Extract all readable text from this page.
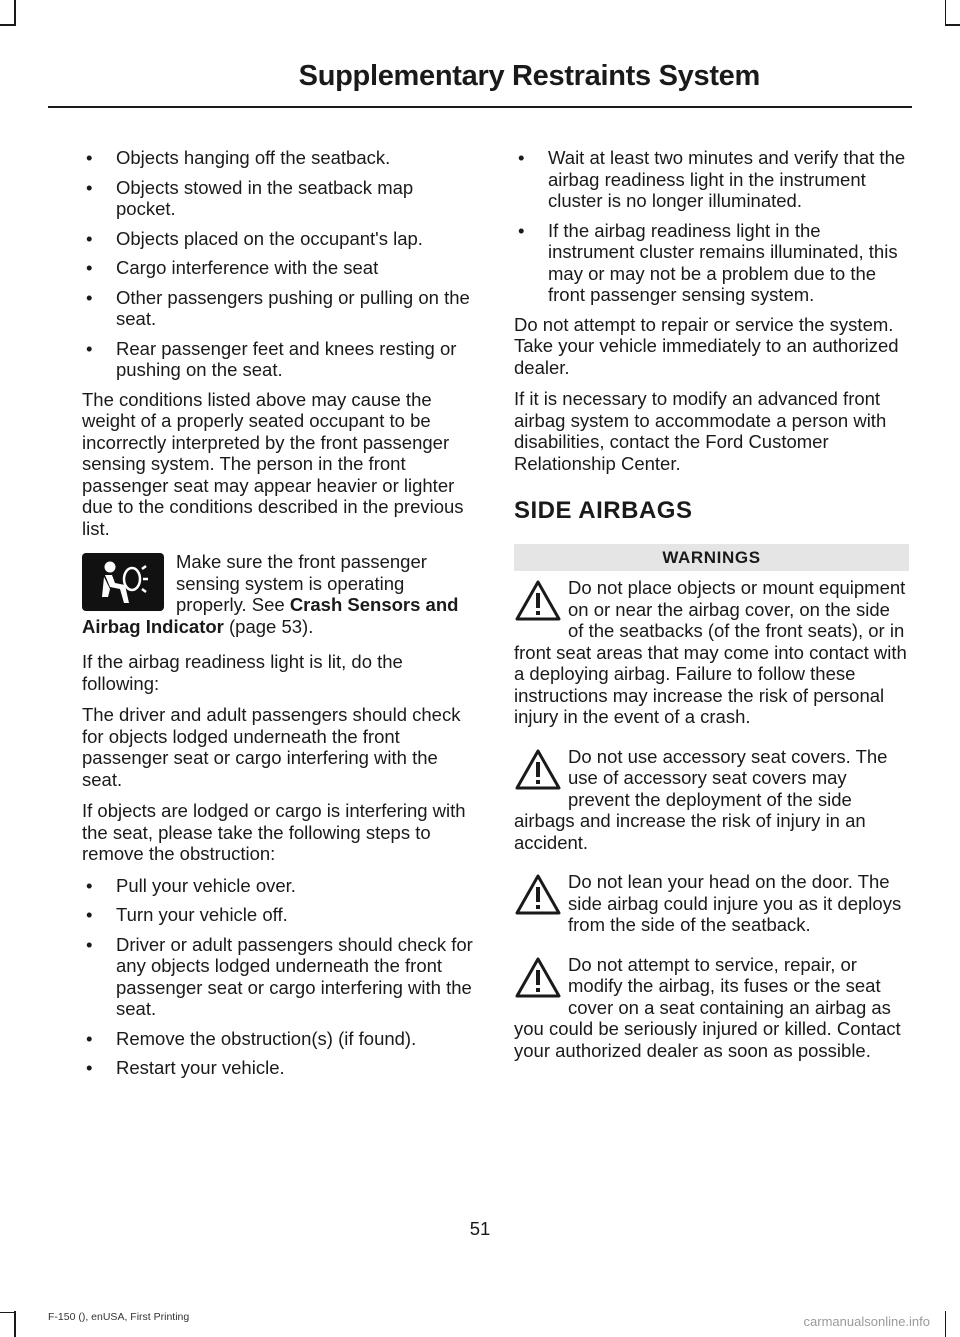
Supplementary Restraints System
• Objects hanging off the seatback.
• Objects stowed in the seatback map pocket.
• Objects placed on the occupant's lap.
• Cargo interference with the seat
• Other passengers pushing or pulling on the seat.
• Rear passenger feet and knees resting or pushing on the seat.

The conditions listed above may cause the weight of a properly seated occupant to be incorrectly interpreted by the front passenger sensing system. The person in the front passenger seat may appear heavier or lighter due to the conditions described in the previous list.

Make sure the front passenger sensing system is operating properly. See Crash Sensors and Airbag Indicator (page 53).

If the airbag readiness light is lit, do the following:

The driver and adult passengers should check for objects lodged underneath the front passenger seat or cargo interfering with the seat.

If objects are lodged or cargo is interfering with the seat, please take the following steps to remove the obstruction:

• Pull your vehicle over.
• Turn your vehicle off.
• Driver or adult passengers should check for any objects lodged underneath the front passenger seat or cargo interfering with the seat.
• Remove the obstruction(s) (if found).
• Restart your vehicle.
• Wait at least two minutes and verify that the airbag readiness light in the instrument cluster is no longer illuminated.
• If the airbag readiness light in the instrument cluster remains illuminated, this may or may not be a problem due to the front passenger sensing system.

Do not attempt to repair or service the system. Take your vehicle immediately to an authorized dealer.

If it is necessary to modify an advanced front airbag system to accommodate a person with disabilities, contact the Ford Customer Relationship Center.

SIDE AIRBAGS
WARNINGS
Do not place objects or mount equipment on or near the airbag cover, on the side of the seatbacks (of the front seats), or in front seat areas that may come into contact with a deploying airbag. Failure to follow these instructions may increase the risk of personal injury in the event of a crash.
Do not use accessory seat covers. The use of accessory seat covers may prevent the deployment of the side airbags and increase the risk of injury in an accident.
Do not lean your head on the door. The side airbag could injure you as it deploys from the side of the seatback.
Do not attempt to service, repair, or modify the airbag, its fuses or the seat cover on a seat containing an airbag as you could be seriously injured or killed. Contact your authorized dealer as soon as possible.
51
F-150 (), enUSA, First Printing	carmanualsonline.info
